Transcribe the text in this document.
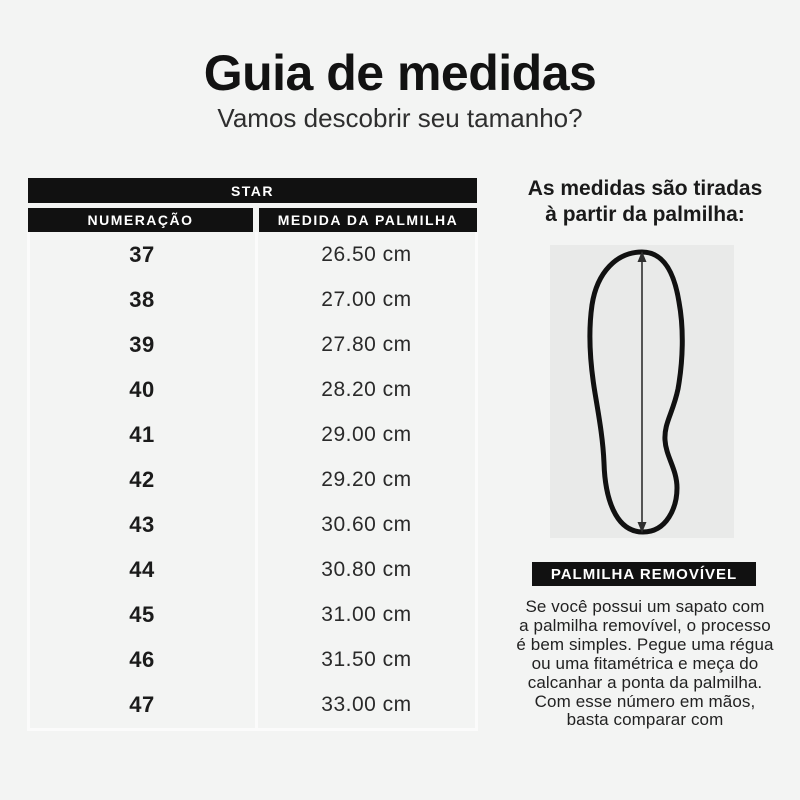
Guia de medidas
Vamos descobrir seu tamanho?
STAR
NUMERAÇÃO	MEDIDA DA PALMILHA
37	26.50 cm
38	27.00 cm
39	27.80 cm
40	28.20 cm
41	29.00 cm
42	29.20 cm
43	30.60 cm
44	30.80 cm
45	31.00 cm
46	31.50 cm
47	33.00 cm
As medidas são tiradas
à partir da palmilha:
PALMILHA REMOVÍVEL
Se você possui um sapato com
a palmilha removível, o processo
é bem simples. Pegue uma régua
ou uma fitamétrica e meça do
calcanhar a ponta da palmilha.
Com esse número em mãos,
basta comparar com
